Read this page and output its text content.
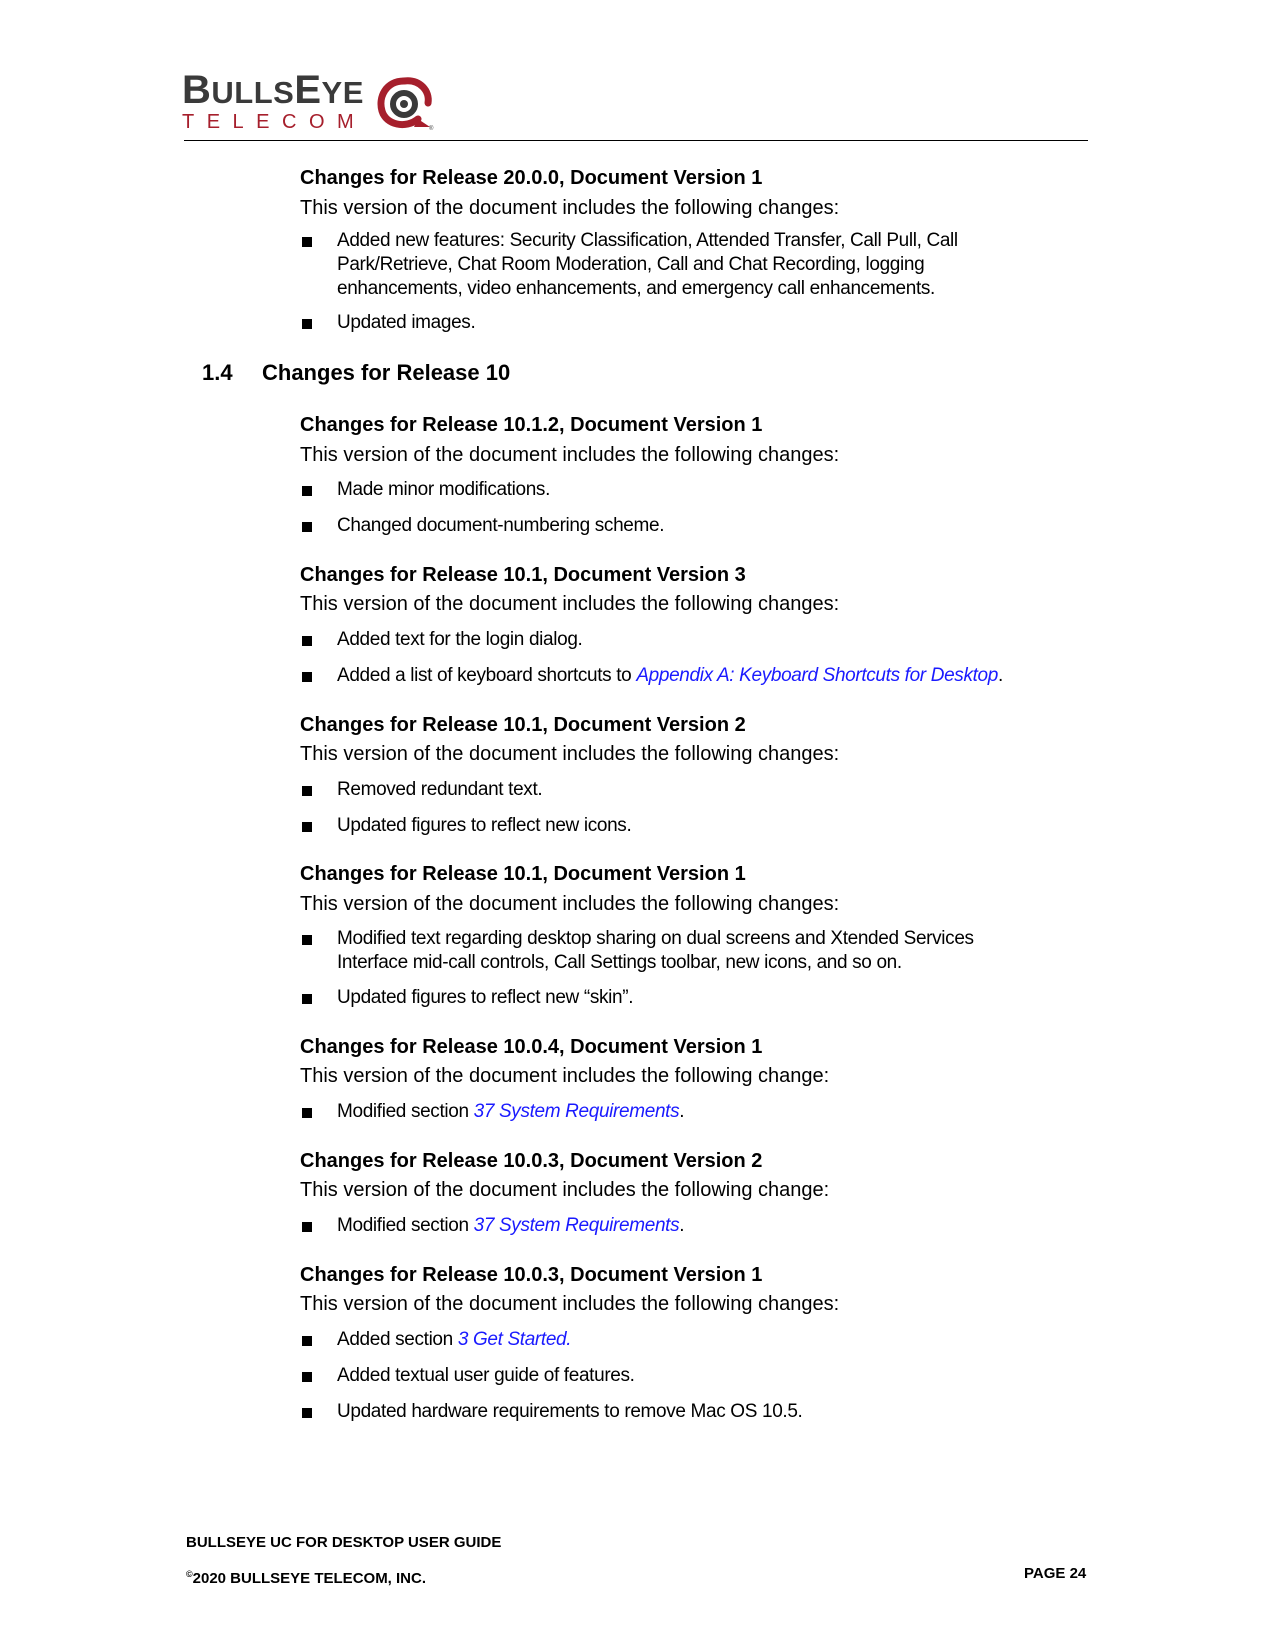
BULLSEYE
TELECOM	®
Changes for Release 20.0.0, Document Version 1
This version of the document includes the following changes:
Added new features: Security Classification, Attended Transfer, Call Pull, Call Park/Retrieve, Chat Room Moderation, Call and Chat Recording, logging enhancements, video enhancements, and emergency call enhancements.
Updated images.
1.4 Changes for Release 10
Changes for Release 10.1.2, Document Version 1
This version of the document includes the following changes:
Made minor modifications.
Changed document-numbering scheme.
Changes for Release 10.1, Document Version 3
This version of the document includes the following changes:
Added text for the login dialog.
Added a list of keyboard shortcuts to Appendix A: Keyboard Shortcuts for Desktop.
Changes for Release 10.1, Document Version 2
This version of the document includes the following changes:
Removed redundant text.
Updated figures to reflect new icons.
Changes for Release 10.1, Document Version 1
This version of the document includes the following changes:
Modified text regarding desktop sharing on dual screens and Xtended Services Interface mid-call controls, Call Settings toolbar, new icons, and so on.
Updated figures to reflect new “skin”.
Changes for Release 10.0.4, Document Version 1
This version of the document includes the following change:
Modified section 37 System Requirements.
Changes for Release 10.0.3, Document Version 2
This version of the document includes the following change:
Modified section 37 System Requirements.
Changes for Release 10.0.3, Document Version 1
This version of the document includes the following changes:
Added section 3 Get Started.
Added textual user guide of features.
Updated hardware requirements to remove Mac OS 10.5.
BULLSEYE UC FOR DESKTOP USER GUIDE
©2020 BULLSEYE TELECOM, INC.	PAGE 24
